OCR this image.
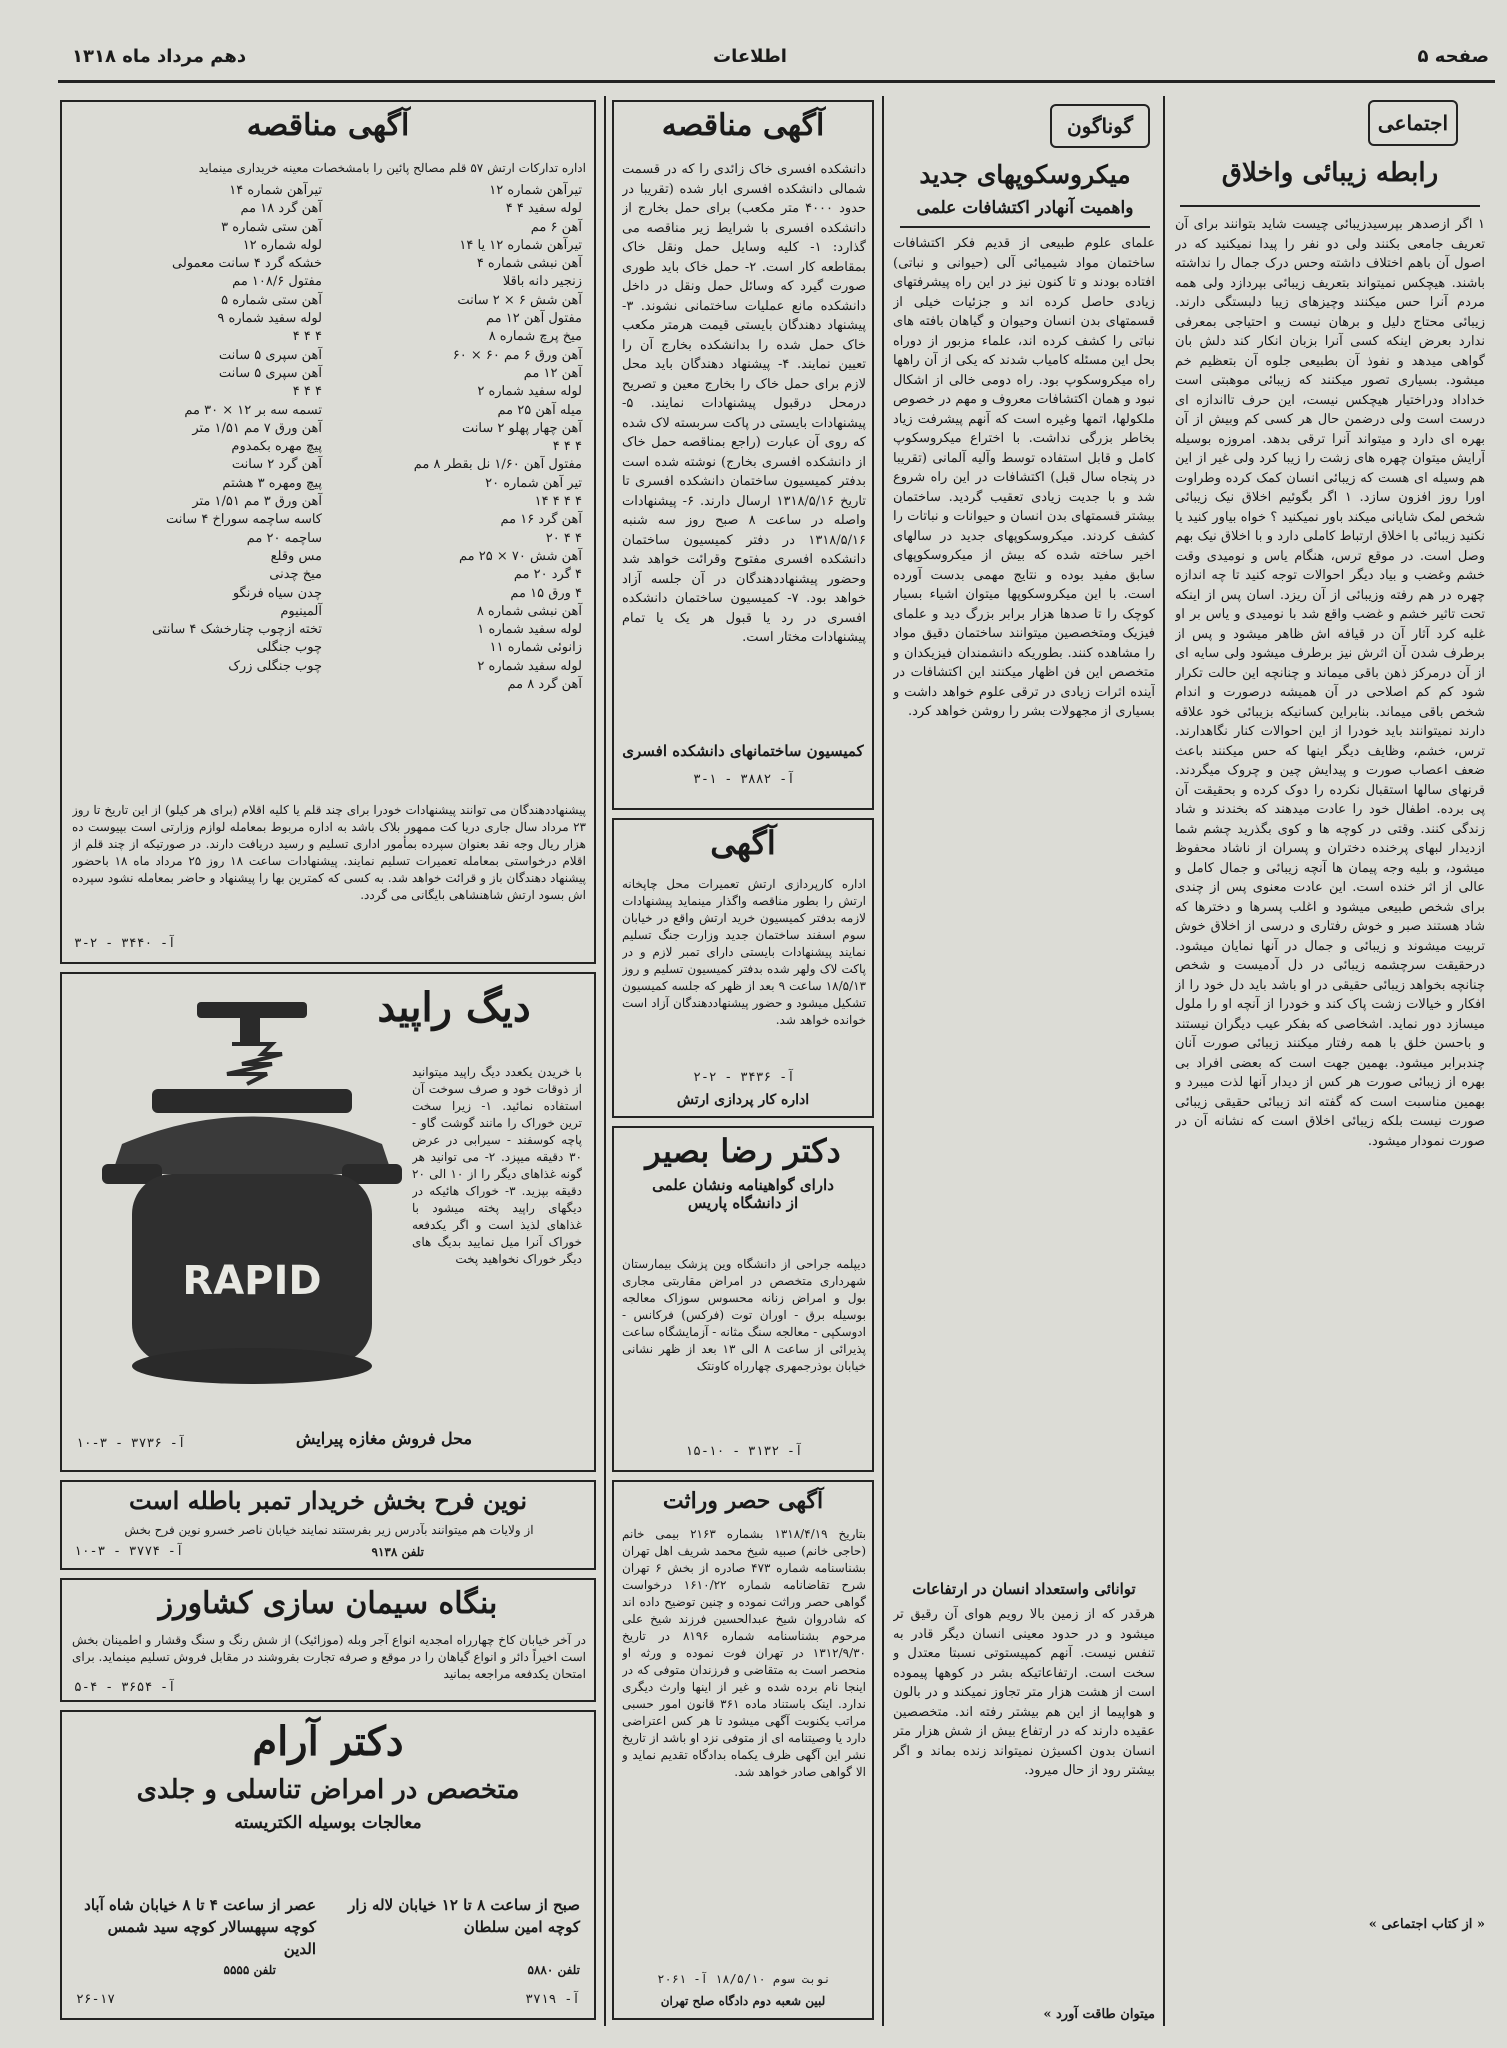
صفحه ۵
اطلاعات
دهم مرداد ماه ۱۳۱۸
اجتماعی
رابطه زیبائی واخلاق
۱ اگر ازصدهر بپرسیدزیبائی چیست شاید بتوانند برای آن تعریف جامعی بکنند ولی دو نفر را پیدا نمیکنید که در اصول آن باهم اختلاف داشته وحس درک جمال را نداشته باشند. هیچکس نمیتواند بتعریف زیبائی بپردازد ولی همه مردم آنرا حس میکنند وچیزهای زیبا دلبستگی دارند. زیبائی محتاج دلیل و برهان نیست و احتیاجی بمعرفی ندارد بعرض اینکه کسی آنرا بزبان انکار کند دلش بان گواهی میدهد و نفوذ آن بطبیعی جلوه آن بتعظیم خم میشود. بسیاری تصور میکنند که زیبائی موهبتی است خداداد ودراختیار هیچکس نیست، این حرف تااندازه ای درست است ولی درضمن حال هر کسی کم وبیش از آن بهره ای دارد و میتواند آنرا ترقی بدهد. امروزه بوسیله آرایش میتوان چهره های زشت را زیبا کرد ولی غیر از این هم وسیله ای هست که زیبائی انسان کمک کرده وطراوت اورا روز افزون سازد. ۱ اگر بگوئیم اخلاق نیک زیبائی شخص لمک شایانی میکند باور نمیکنید ؟ خواه بیاور کنید یا نکنید زیبائی با اخلاق ارتباط کاملی دارد و با اخلاق نیک بهم وصل است. در موقع ترس، هنگام یاس و نومیدی وقت خشم وغضب و بیاد دیگر احوالات توجه کنید تا چه اندازه چهره در هم رفته وزیبائی از آن ریزد. اسان پس از اینکه تحت تاثیر خشم و غضب واقع شد با نومیدی و یاس بر او غلبه کرد آثار آن در قیافه اش ظاهر میشود و پس از برطرف شدن آن اثرش نیز برطرف میشود ولی سایه ای از آن درمرکز ذهن باقی میماند و چنانچه این حالت تکرار شود کم کم اصلاحی در آن همیشه درصورت و اندام شخص باقی میماند. بنابراین کسانیکه بزیبائی خود علاقه دارند نمیتوانند باید خودرا از این احوالات کنار نگاهدارند. ترس، خشم، وظایف دیگر اینها که حس میکنند باعث ضعف اعصاب صورت و پیدایش چین و چروک میگردند. قرنهای سالها استقبال نکرده را دوک کرده و بحقیقت آن پی برده. اطفال خود را عادت میدهند که بخندند و شاد زندگی کنند. وقتی در کوچه ها و کوی بگذرید چشم شما ازدیدار لبهای پرخنده دختران و پسران از ناشاد محفوظ میشود، و بلیه وجه پیمان ها آنچه زیبائی و جمال کامل و عالی از اثر خنده است. این عادت معنوی پس از چندی برای شخص طبیعی میشود و اغلب پسرها و دخترها که شاد هستند صبر و خوش رفتاری و درسی از اخلاق خوش تربیت میشوند و زیبائی و جمال در آنها نمایان میشود. درحقیقت سرچشمه زیبائی در دل آدمیست و شخص چنانچه بخواهد زیبائی حقیقی در او باشد باید دل خود را از افکار و خیالات زشت پاک کند و خودرا از آنچه او را ملول میسازد دور نماید. اشخاصی که بفکر عیب دیگران نیستند و باحسن خلق با همه رفتار میکنند زیبائی صورت آنان چندبرابر میشود. بهمین جهت است که بعضی افراد بی بهره از زیبائی صورت هر کس از دیدار آنها لذت میبرد و بهمین مناسبت است که گفته اند زیبائی حقیقی زیبائی صورت نیست بلکه زیبائی اخلاق است که نشانه آن در صورت نمودار میشود.
« از کتاب اجتماعی »
گوناگون
میکروسکوپهای جدید
واهمیت آنهادر اکتشافات علمی
علمای علوم طبیعی از قدیم فکر اکتشافات ساختمان مواد شیمیائی آلی (حیوانی و نباتی) افتاده بودند و تا کنون نیز در این راه پیشرفتهای زیادی حاصل کرده اند و جزئیات خیلی از قسمتهای بدن انسان وحیوان و گیاهان بافته های نباتی را کشف کرده اند، علماء مزبور از دوراه بحل این مسئله کامیاب شدند که یکی از آن راهها راه میکروسکوپ بود. راه دومی خالی از اشکال نبود و همان اکتشافات معروف و مهم در خصوص ملکولها، اتمها وغیره است که آنهم پیشرفت زیاد بخاطر بزرگی نداشت. با اختراع میکروسکوپ کامل و قابل استفاده توسط وآلیه آلمانی (تقریبا در پنجاه سال قبل) اکتشافات در این راه شروع شد و با جدیت زیادی تعقیب گردید. ساختمان بیشتر قسمتهای بدن انسان و حیوانات و نباتات را کشف کردند. میکروسکوپهای جدید در سالهای اخیر ساخته شده که بیش از میکروسکوپهای سابق مفید بوده و نتایج مهمی بدست آورده است. با این میکروسکوپها میتوان اشیاء بسیار کوچک را تا صدها هزار برابر بزرگ دید و علمای فیزیک ومتخصصین میتوانند ساختمان دقیق مواد را مشاهده کنند. بطوریکه دانشمندان فیزیکدان و متخصص این فن اظهار میکنند این اکتشافات در آینده اثرات زیادی در ترقی علوم خواهد داشت و بسیاری از مجهولات بشر را روشن خواهد کرد.
توانائی واستعداد انسان در ارتفاعات
هرقدر که از زمین بالا رویم هوای آن رقیق تر میشود و در حدود معینی انسان دیگر قادر به تنفس نیست. آنهم کمپیستوتی نسبتا معتدل و سخت است. ارتفاعاتیکه بشر در کوهها پیموده است از هشت هزار متر تجاوز نمیکند و در بالون و هواپیما از این هم بیشتر رفته اند. متخصصین عقیده دارند که در ارتفاع بیش از شش هزار متر انسان بدون اکسیژن نمیتواند زنده بماند و اگر بیشتر رود از حال میرود.
میتوان طاقت آورد »
آگهی مناقصه
دانشکده افسری خاک زائدی را که در قسمت شمالی دانشکده افسری ابار شده (تقریبا در حدود ۴۰۰۰ متر مکعب) برای حمل بخارج از دانشکده افسری با شرایط زیر مناقصه می گذارد: ۱- کلیه وسایل حمل ونقل خاک بمقاطعه کار است. ۲- حمل خاک باید طوری صورت گیرد که وسائل حمل ونقل در داخل دانشکده مانع عملیات ساختمانی نشوند. ۳- پیشنهاد دهندگان بایستی قیمت هرمتر مکعب خاک حمل شده را بدانشکده بخارج آن را تعیین نمایند. ۴- پیشنهاد دهندگان باید محل لازم برای حمل خاک را بخارج معین و تصریح درمحل درقبول پیشنهادات نمایند. ۵- پیشنهادات بایستی در پاکت سربسته لاک شده که روی آن عبارت (راجع بمناقصه حمل خاک از دانشکده افسری بخارج) نوشته شده است بدفتر کمیسیون ساختمان دانشکده افسری تا تاریخ ۱۳۱۸/۵/۱۶ ارسال دارند. ۶- پیشنهادات واصله در ساعت ۸ صبح روز سه شنبه ۱۳۱۸/۵/۱۶ در دفتر کمیسیون ساختمان دانشکده افسری مفتوح وقرائت خواهد شد وحضور پیشنهاددهندگان در آن جلسه آزاد خواهد بود. ۷- کمیسیون ساختمان دانشکده افسری در رد یا قبول هر یک یا تمام پیشنهادات مختار است.
کمیسیون ساختمانهای دانشکده افسری
آ- ۳۸۸۲ - ۱-۳
آگهی
اداره کارپردازی ارتش تعمیرات محل چاپخانه ارتش را بطور مناقصه واگذار مینماید پیشنهادات لازمه بدفتر کمیسیون خرید ارتش واقع در خیابان سوم اسفند ساختمان جدید وزارت جنگ تسلیم نمایند پیشنهادات بایستی دارای تمبر لازم و در پاکت لاک ولهر شده بدفتر کمیسیون تسلیم و روز ۱۸/۵/۱۳ ساعت ۹ بعد از ظهر که جلسه کمیسیون تشکیل میشود و حضور پیشنهاددهندگان آزاد است خوانده خواهد شد.
آ- ۳۴۳۶ - ۲-۲
اداره کار پردازی ارتش
دکتر رضا بصیر
دارای گواهینامه ونشان علمی
از دانشگاه پاریس
دیپلمه جراحی از دانشگاه وین پزشک بیمارستان شهرداری متخصص در امراض مقاربتی مجاری بول و امراض زنانه محسوس سوزاک معالجه بوسیله برق - اوران توت (فرکس) فرکانس - ادوسکپی - معالجه سنگ مثانه - آزمایشگاه ساعت پذیرائی از ساعت ۸ الی ۱۳ بعد از ظهر نشانی خیابان بوذرجمهری چهارراه کاونتک
آ- ۳۱۳۲ - ۱۰-۱۵
آگهی حصر وراثت
بتاریخ ۱۳۱۸/۴/۱۹ بشماره ۲۱۶۳ بیمی خانم (حاجی خانم) صبیه شیخ محمد شریف اهل تهران بشناسنامه شماره ۴۷۳ صادره از بخش ۶ تهران شرح تقاضانامه شماره ۱۶۱۰/۲۲ درخواست گواهی حصر وراثت نموده و چنین توضیح داده اند که شادروان شیخ عبدالحسین فرزند شیخ علی مرحوم بشناسنامه شماره ۸۱۹۶ در تاریخ ۱۳۱۲/۹/۳۰ در تهران فوت نموده و ورثه او منحصر است به متقاضی و فرزندان متوفی که در اینجا نام برده شده و غیر از اینها وارث دیگری ندارد. اینک باستناد ماده ۳۶۱ قانون امور حسبی مراتب یکنوبت آگهی میشود تا هر کس اعتراضی دارد یا وصیتنامه ای از متوفی نزد او باشد از تاریخ نشر این آگهی ظرف یکماه بدادگاه تقدیم نماید و الا گواهی صادر خواهد شد.
نوبت سوم ۱۸/۵/۱۰ آ- ۲۰۶۱
لبین شعبه دوم دادگاه صلح تهران
آگهی مناقصه
اداره تدارکات ارتش ۵۷ قلم مصالح پائین را بامشخصات معینه خریداری مینماید
تیرآهن شماره ۱۲
لوله سفید ۴ ۴
آهن ۶ مم
تیرآهن شماره ۱۲ یا ۱۴
آهن نبشی شماره ۴
زنجیر دانه باقلا
آهن شش ۶ × ۲ سانت
مفتول آهن ۱۲ مم
میخ پرچ شماره ۸
آهن ورق ۶ مم ۶۰ × ۶۰
آهن ۱۲ مم
لوله سفید شماره ۲
میله آهن ۲۵ مم
آهن چهار پهلو ۲ سانت
۴ ۴ ۴
مفتول آهن ۱/۶۰ نل بقطر ۸ مم
تیر آهن شماره ۲۰
۴ ۴ ۴ ۱۴
آهن گرد ۱۶ مم
۴ ۴ ۲۰
آهن شش ۷۰ × ۲۵ مم
۴ گرد ۲۰ مم
۴ ورق ۱۵ مم
آهن نبشی شماره ۸
لوله سفید شماره ۱
زانوئی شماره ۱۱
لوله سفید شماره ۲
آهن گرد ۸ مم
تیرآهن شماره ۱۴
آهن گرد ۱۸ مم
آهن ستی شماره ۳
لوله شماره ۱۲
خشکه گرد ۴ سانت معمولی
مفتول ۱۰۸/۶ مم
آهن ستی شماره ۵
لوله سفید شماره ۹
۴ ۴ ۴
آهن سپری ۵ سانت
آهن سپری ۵ سانت
۴ ۴ ۴
تسمه سه بر ۱۲ × ۳۰ مم
آهن ورق ۷ مم ۱/۵۱ متر
پیچ مهره بکمدوم
آهن گرد ۲ سانت
پیچ ومهره ۳ هشتم
آهن ورق ۳ مم ۱/۵۱ متر
کاسه ساچمه سوراخ ۴ سانت
ساچمه ۲۰ مم
مس وقلع
میخ چدنی
چدن سیاه فرنگو
آلمینیوم
تخته ازچوب چنارخشک ۴ سانتی
چوب جنگلی
چوب جنگلی زرک
پیشنهاددهندگان می توانند پیشنهادات خودرا برای چند قلم یا کلیه اقلام (برای هر کیلو) از این تاریخ تا روز ۲۳ مرداد سال جاری دریا کت ممهور بلاک باشد به اداره مربوط بمعامله لوازم وزارتی است بپیوست ده هزار ریال وجه نقد بعنوان سپرده بمأمور اداری تسلیم و رسید دریافت دارند. در صورتیکه از چند قلم از اقلام درخواستی بمعامله تعمیرات تسلیم نمایند. پیشنهادات ساعت ۱۸ روز ۲۵ مرداد ماه ۱۸ باحضور پیشنهاد دهندگان باز و قرائت خواهد شد. به کسی که کمترین بها را پیشنهاد و حاضر بمعامله نشود سپرده اش بسود ارتش شاهنشاهی بایگانی می گردد.
آ- ۳۴۴۰ - ۲-۳
دیگ راپید
با خریدن یکعدد دیگ راپید میتوانید از ذوقات خود و صرف سوخت آن استفاده نمائید. ۱- زیرا سخت ترین خوراک را مانند گوشت گاو - پاچه کوسفند - سیرابی در عرض ۳۰ دقیقه میپزد. ۲- می توانید هر گونه غذاهای دیگر را از ۱۰ الی ۲۰ دقیقه بپزید. ۳- خوراک هائیکه در دیگهای راپید پخته میشود با غذاهای لذیذ است و اگر یکدفعه خوراک آنرا میل نمایید بدیگ های دیگر خوراک نخواهید پخت
RAPID
محل فروش مغازه پیرایش
آ- ۳۷۳۶ - ۳-۱۰
نوین فرح بخش خریدار تمبر باطله است
از ولایات هم میتوانند بآدرس زیر بفرستند نمایند خیابان ناصر خسرو نوین فرح بخش
تلفن ۹۱۳۸
آ- ۳۷۷۴ - ۳-۱۰
بنگاه سیمان سازی کشاورز
در آخر خیابان کاخ چهارراه امجدیه انواع آجر وبله (موزائیک) از شش رنگ و سنگ وقشار و اطمینان بخش است اخیراً دائر و انواع گیاهان را در موقع و صرفه تجارت بفروشند در مقابل فروش تسلیم مینماید. برای امتحان یکدفعه مراجعه بمانید
آ- ۳۶۵۴ - ۴-۵
دکتر آرام
متخصص در امراض تناسلی و جلدی
معالجات بوسیله الکتریسته
صبح از ساعت ۸ تا ۱۲ خیابان لاله زار کوچه امین سلطان
عصر از ساعت ۴ تا ۸ خیابان شاه آباد کوچه سپهسالار کوچه سید شمس الدین
تلفن ۵۸۸۰
تلفن ۵۵۵۵
آ- ۳۷۱۹
۲۶-۱۷
